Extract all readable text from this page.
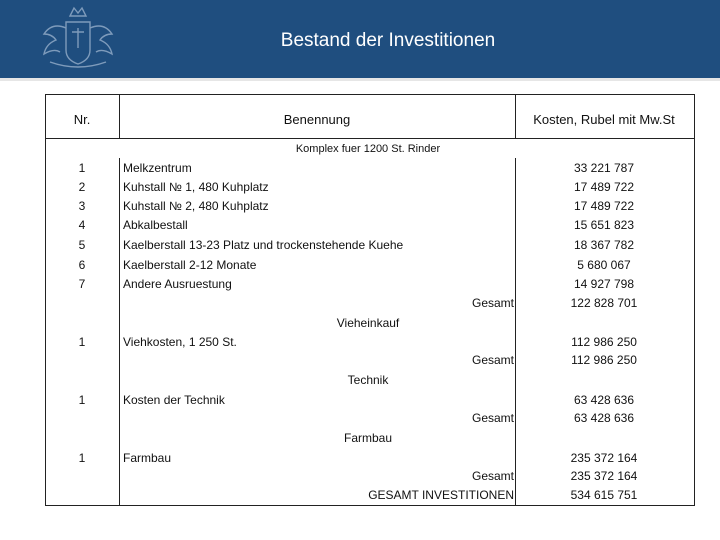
Bestand der Investitionen
Nr.	Benennung	Kosten, Rubel mit Mw.St
Komplex fuer 1200 St. Rinder
1	Melkzentrum	33 221 787
2	Kuhstall № 1, 480 Kuhplatz	17 489 722
3	Kuhstall № 2, 480 Kuhplatz	17 489 722
4	Abkalbestall	15 651 823
5	Kaelberstall 13-23 Platz und trockenstehende Kuehe	18 367 782
6	Kaelberstall 2-12 Monate	5 680 067
7	Andere Ausruestung	14 927 798
Gesamt	122 828 701
Vieheinkauf
1	Viehkosten, 1 250 St.	112 986 250
Gesamt	112 986 250
Technik
1	Kosten der Technik	63 428 636
Gesamt	63 428 636
Farmbau
1	Farmbau	235 372 164
Gesamt	235 372 164
GESAMT INVESTITIONEN	534 615 751
